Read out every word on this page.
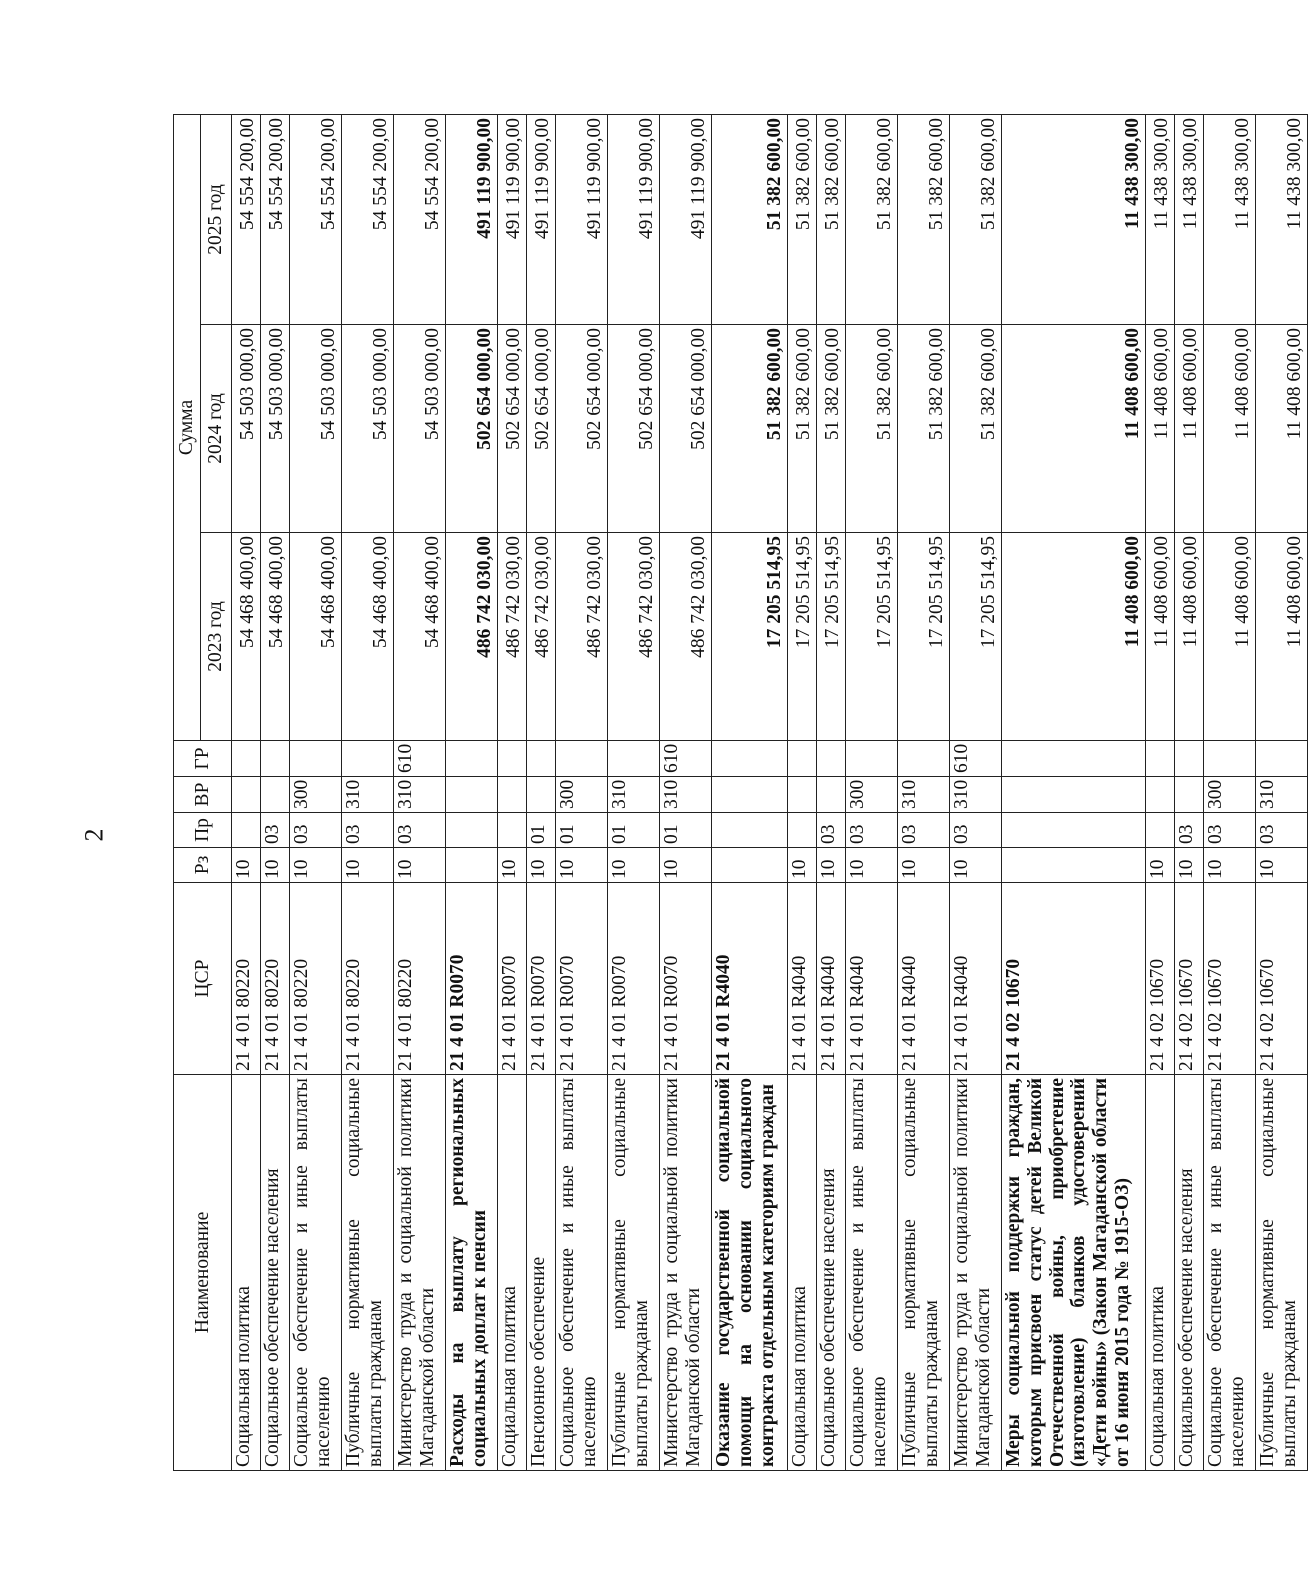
2
Наименование	ЦСР	Рз	Пр	ВР	ГР	Сумма		
						2023 год	2024 год	2025 год
Социальная политика	21 4 01 80220	10				54 468 400,00	54 503 000,00	54 554 200,00
Социальное обеспечение населения	21 4 01 80220	10	03			54 468 400,00	54 503 000,00	54 554 200,00
Социальное обеспечение и иные выплаты населению	21 4 01 80220	10	03	300		54 468 400,00	54 503 000,00	54 554 200,00
Публичные нормативные социальные выплаты гражданам	21 4 01 80220	10	03	310		54 468 400,00	54 503 000,00	54 554 200,00
Министерство труда и социальной политики Магаданской области	21 4 01 80220	10	03	310	610	54 468 400,00	54 503 000,00	54 554 200,00
Расходы на выплату региональных социальных доплат к пенсии	21 4 01 R0070					486 742 030,00	502 654 000,00	491 119 900,00
Социальная политика	21 4 01 R0070	10				486 742 030,00	502 654 000,00	491 119 900,00
Пенсионное обеспечение	21 4 01 R0070	10	01			486 742 030,00	502 654 000,00	491 119 900,00
Социальное обеспечение и иные выплаты населению	21 4 01 R0070	10	01	300		486 742 030,00	502 654 000,00	491 119 900,00
Публичные нормативные социальные выплаты гражданам	21 4 01 R0070	10	01	310		486 742 030,00	502 654 000,00	491 119 900,00
Министерство труда и социальной политики Магаданской области	21 4 01 R0070	10	01	310	610	486 742 030,00	502 654 000,00	491 119 900,00
Оказание государственной социальной помощи на основании социального контракта отдельным категориям граждан	21 4 01 R4040					17 205 514,95	51 382 600,00	51 382 600,00
Социальная политика	21 4 01 R4040	10				17 205 514,95	51 382 600,00	51 382 600,00
Социальное обеспечение населения	21 4 01 R4040	10	03			17 205 514,95	51 382 600,00	51 382 600,00
Социальное обеспечение и иные выплаты населению	21 4 01 R4040	10	03	300		17 205 514,95	51 382 600,00	51 382 600,00
Публичные нормативные социальные выплаты гражданам	21 4 01 R4040	10	03	310		17 205 514,95	51 382 600,00	51 382 600,00
Министерство труда и социальной политики Магаданской области	21 4 01 R4040	10	03	310	610	17 205 514,95	51 382 600,00	51 382 600,00
Меры социальной поддержки граждан, которым присвоен статус детей Великой Отечественной войны, приобретение (изготовление) бланков удостоверений «Дети войны» (Закон Магаданской области от 16 июня 2015 года № 1915-ОЗ)	21 4 02 10670					11 408 600,00	11 408 600,00	11 438 300,00
Социальная политика	21 4 02 10670	10				11 408 600,00	11 408 600,00	11 438 300,00
Социальное обеспечение населения	21 4 02 10670	10	03			11 408 600,00	11 408 600,00	11 438 300,00
Социальное обеспечение и иные выплаты населению	21 4 02 10670	10	03	300		11 408 600,00	11 408 600,00	11 438 300,00
Публичные нормативные социальные выплаты гражданам	21 4 02 10670	10	03	310		11 408 600,00	11 408 600,00	11 438 300,00
